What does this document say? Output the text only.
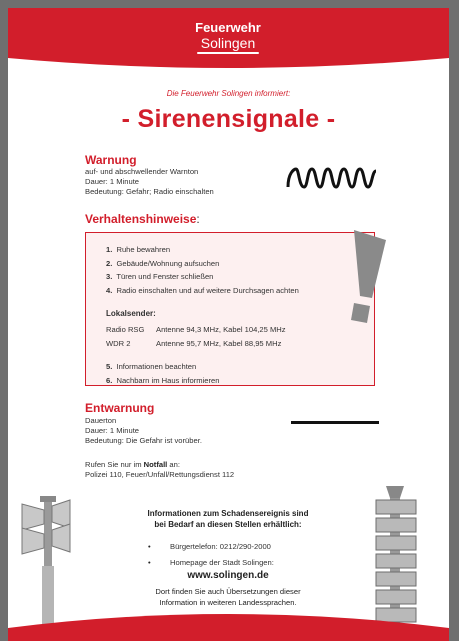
Feuerwehr
Solingen
Die Feuerwehr Solingen informiert:
- Sirenensignale -
Warnung
auf- und abschwellender Warnton
Dauer: 1 Minute
Bedeutung: Gefahr; Radio einschalten
Verhaltenshinweise:
1. Ruhe bewahren
2. Gebäude/Wohnung aufsuchen
3. Türen und Fenster schließen
4. Radio einschalten und auf weitere Durchsagen achten
Lokalsender:
Radio RSG Antenne 94,3 MHz, Kabel 104,25 MHz
WDR 2	Antenne 95,7 MHz, Kabel 88,95 MHz
5. Informationen beachten
6. Nachbarn im Haus informieren
Entwarnung
Dauerton
Dauer: 1 Minute
Bedeutung: Die Gefahr ist vorüber.
Rufen Sie nur im Notfall an:
Polizei 110, Feuer/Unfall/Rettungsdienst 112
Informationen zum Schadensereignis sind
bei Bedarf an diesen Stellen erhältlich:
• Bürgertelefon: 0212/290-2000
• Homepage der Stadt Solingen:
www.solingen.de
Dort finden Sie auch Übersetzungen dieser
Information in weiteren Landessprachen.
